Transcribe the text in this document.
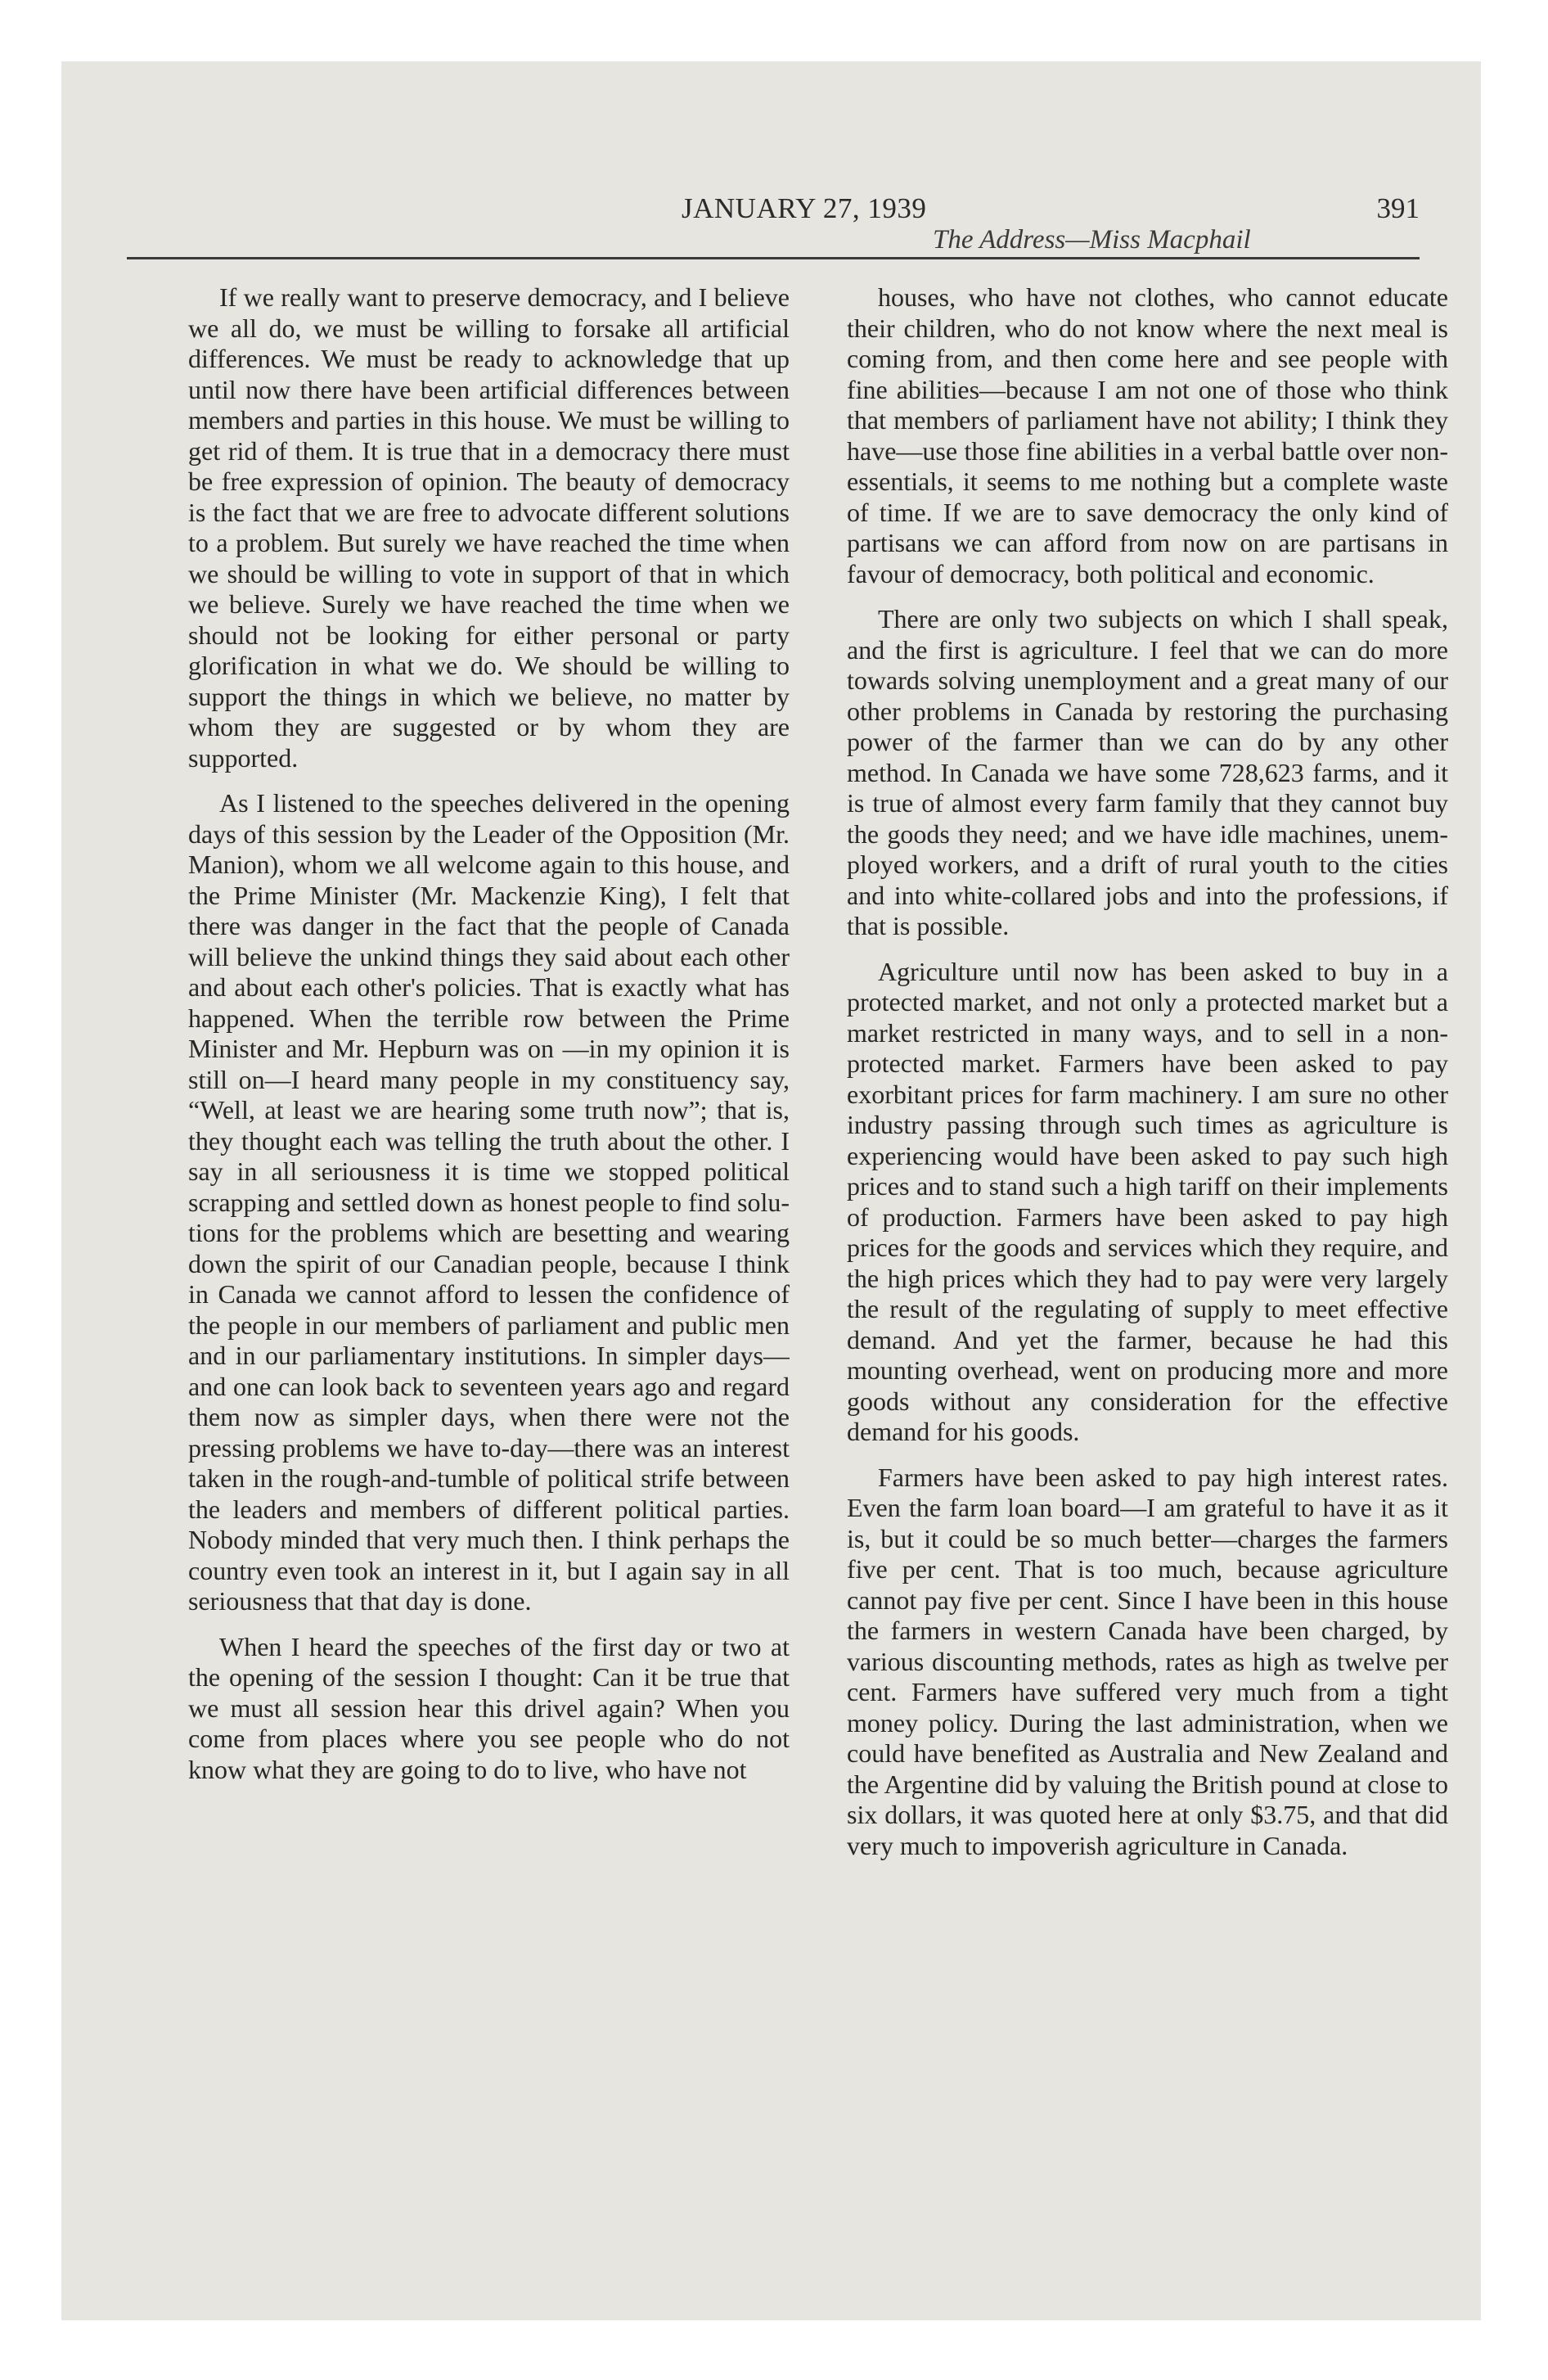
JANUARY 27, 1939	391
The Address—Miss Macphail

If we really want to preserve democracy, and I believe we all do, we must be willing to forsake all artificial differences. We must be ready to acknowledge that up until now there have been artificial differences between members and parties in this house. We must be willing to get rid of them. It is true that in a democracy there must be free expression of opinion. The beauty of democracy is the fact that we are free to advocate different solutions to a problem. But surely we have reached the time when we should be willing to vote in support of that in which we believe. Surely we have reached the time when we should not be looking for either personal or party glorification in what we do. We should be willing to support the things in which we believe, no matter by whom they are suggested or by whom they are supported.

As I listened to the speeches delivered in the opening days of this session by the Leader of the Opposition (Mr. Manion), whom we all welcome again to this house, and the Prime Minister (Mr. Mackenzie King), I felt that there was danger in the fact that the people of Canada will believe the unkind things they said about each other and about each other's policies. That is exactly what has happened. When the terrible row between the Prime Minister and Mr. Hepburn was on —in my opinion it is still on—I heard many people in my constituency say, “Well, at least we are hearing some truth now”; that is, they thought each was telling the truth about the other. I say in all seriousness it is time we stopped political scrapping and settled down as honest people to find solutions for the problems which are besetting and wearing down the spirit of our Canadian people, because I think in Canada we cannot afford to lessen the confidence of the people in our members of parliament and public men and in our parliamentary institutions. In simpler days—and one can look back to seventeen years ago and regard them now as simpler days, when there were not the pressing problems we have to-day—there was an interest taken in the rough-and-tumble of political strife between the leaders and members of different political parties. Nobody minded that very much then. I think perhaps the country even took an interest in it, but I again say in all seriousness that that day is done.

When I heard the speeches of the first day or two at the opening of the session I thought: Can it be true that we must all session hear this drivel again? When you come from places where you see people who do not know what they are going to do to live, who have not

houses, who have not clothes, who cannot educate their children, who do not know where the next meal is coming from, and then come here and see people with fine abilities—because I am not one of those who think that members of parliament have not ability; I think they have—use those fine abilities in a verbal battle over non-essentials, it seems to me nothing but a complete waste of time. If we are to save democracy the only kind of partisans we can afford from now on are partisans in favour of democracy, both political and economic.

There are only two subjects on which I shall speak, and the first is agriculture. I feel that we can do more towards solving unemployment and a great many of our other problems in Canada by restoring the purchasing power of the farmer than we can do by any other method. In Canada we have some 728,623 farms, and it is true of almost every farm family that they cannot buy the goods they need; and we have idle machines, unemployed workers, and a drift of rural youth to the cities and into white-collared jobs and into the professions, if that is possible.

Agriculture until now has been asked to buy in a protected market, and not only a protected market but a market restricted in many ways, and to sell in a non-protected market. Farmers have been asked to pay exorbitant prices for farm machinery. I am sure no other industry passing through such times as agriculture is experiencing would have been asked to pay such high prices and to stand such a high tariff on their implements of production. Farmers have been asked to pay high prices for the goods and services which they require, and the high prices which they had to pay were very largely the result of the regulating of supply to meet effective demand. And yet the farmer, because he had this mounting overhead, went on producing more and more goods without any consideration for the effective demand for his goods.

Farmers have been asked to pay high interest rates. Even the farm loan board—I am grateful to have it as it is, but it could be so much better—charges the farmers five per cent. That is too much, because agriculture cannot pay five per cent. Since I have been in this house the farmers in western Canada have been charged, by various discounting methods, rates as high as twelve per cent. Farmers have suffered very much from a tight money policy. During the last administration, when we could have benefited as Australia and New Zealand and the Argentine did by valuing the British pound at close to six dollars, it was quoted here at only $3.75, and that did very much to impoverish agriculture in Canada.
